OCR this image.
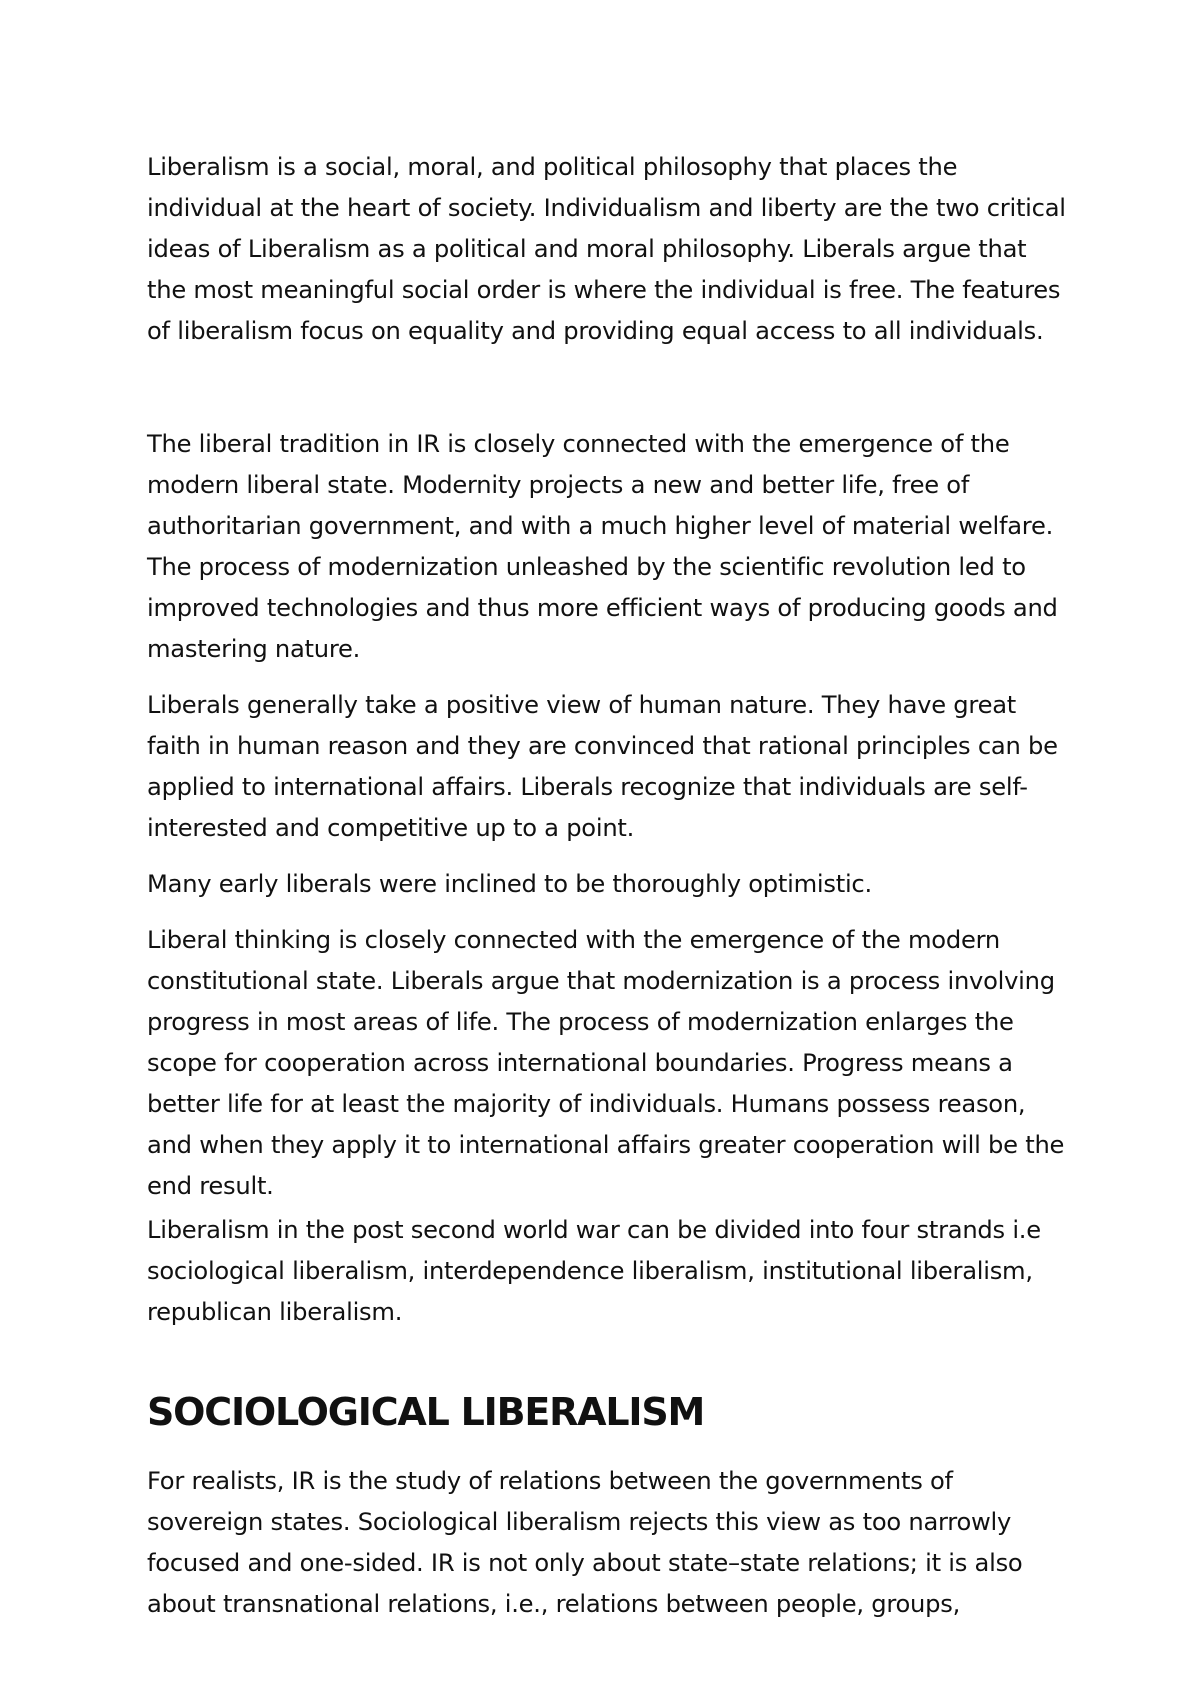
Liberalism is a social, moral, and political philosophy that places the individual at the heart of society. Individualism and liberty are the two critical ideas of Liberalism as a political and moral philosophy. Liberals argue that the most meaningful social order is where the individual is free. The features of liberalism focus on equality and providing equal access to all individuals.

The liberal tradition in IR is closely connected with the emergence of the modern liberal state. Modernity projects a new and better life, free of authoritarian government, and with a much higher level of material welfare. The process of modernization unleashed by the scientific revolution led to improved technologies and thus more efficient ways of producing goods and mastering nature.

Liberals generally take a positive view of human nature. They have great faith in human reason and they are convinced that rational principles can be applied to international affairs. Liberals recognize that individuals are self-interested and competitive up to a point.

Many early liberals were inclined to be thoroughly optimistic.

Liberal thinking is closely connected with the emergence of the modern constitutional state. Liberals argue that modernization is a process involving progress in most areas of life. The process of modernization enlarges the scope for cooperation across international boundaries. Progress means a better life for at least the majority of individuals. Humans possess reason, and when they apply it to international affairs greater cooperation will be the end result.

Liberalism in the post second world war can be divided into four strands i.e sociological liberalism, interdependence liberalism, institutional liberalism, republican liberalism.

SOCIOLOGICAL LIBERALISM

For realists, IR is the study of relations between the governments of sovereign states. Sociological liberalism rejects this view as too narrowly focused and one-sided. IR is not only about state–state relations; it is also about transnational relations, i.e., relations between people, groups,
